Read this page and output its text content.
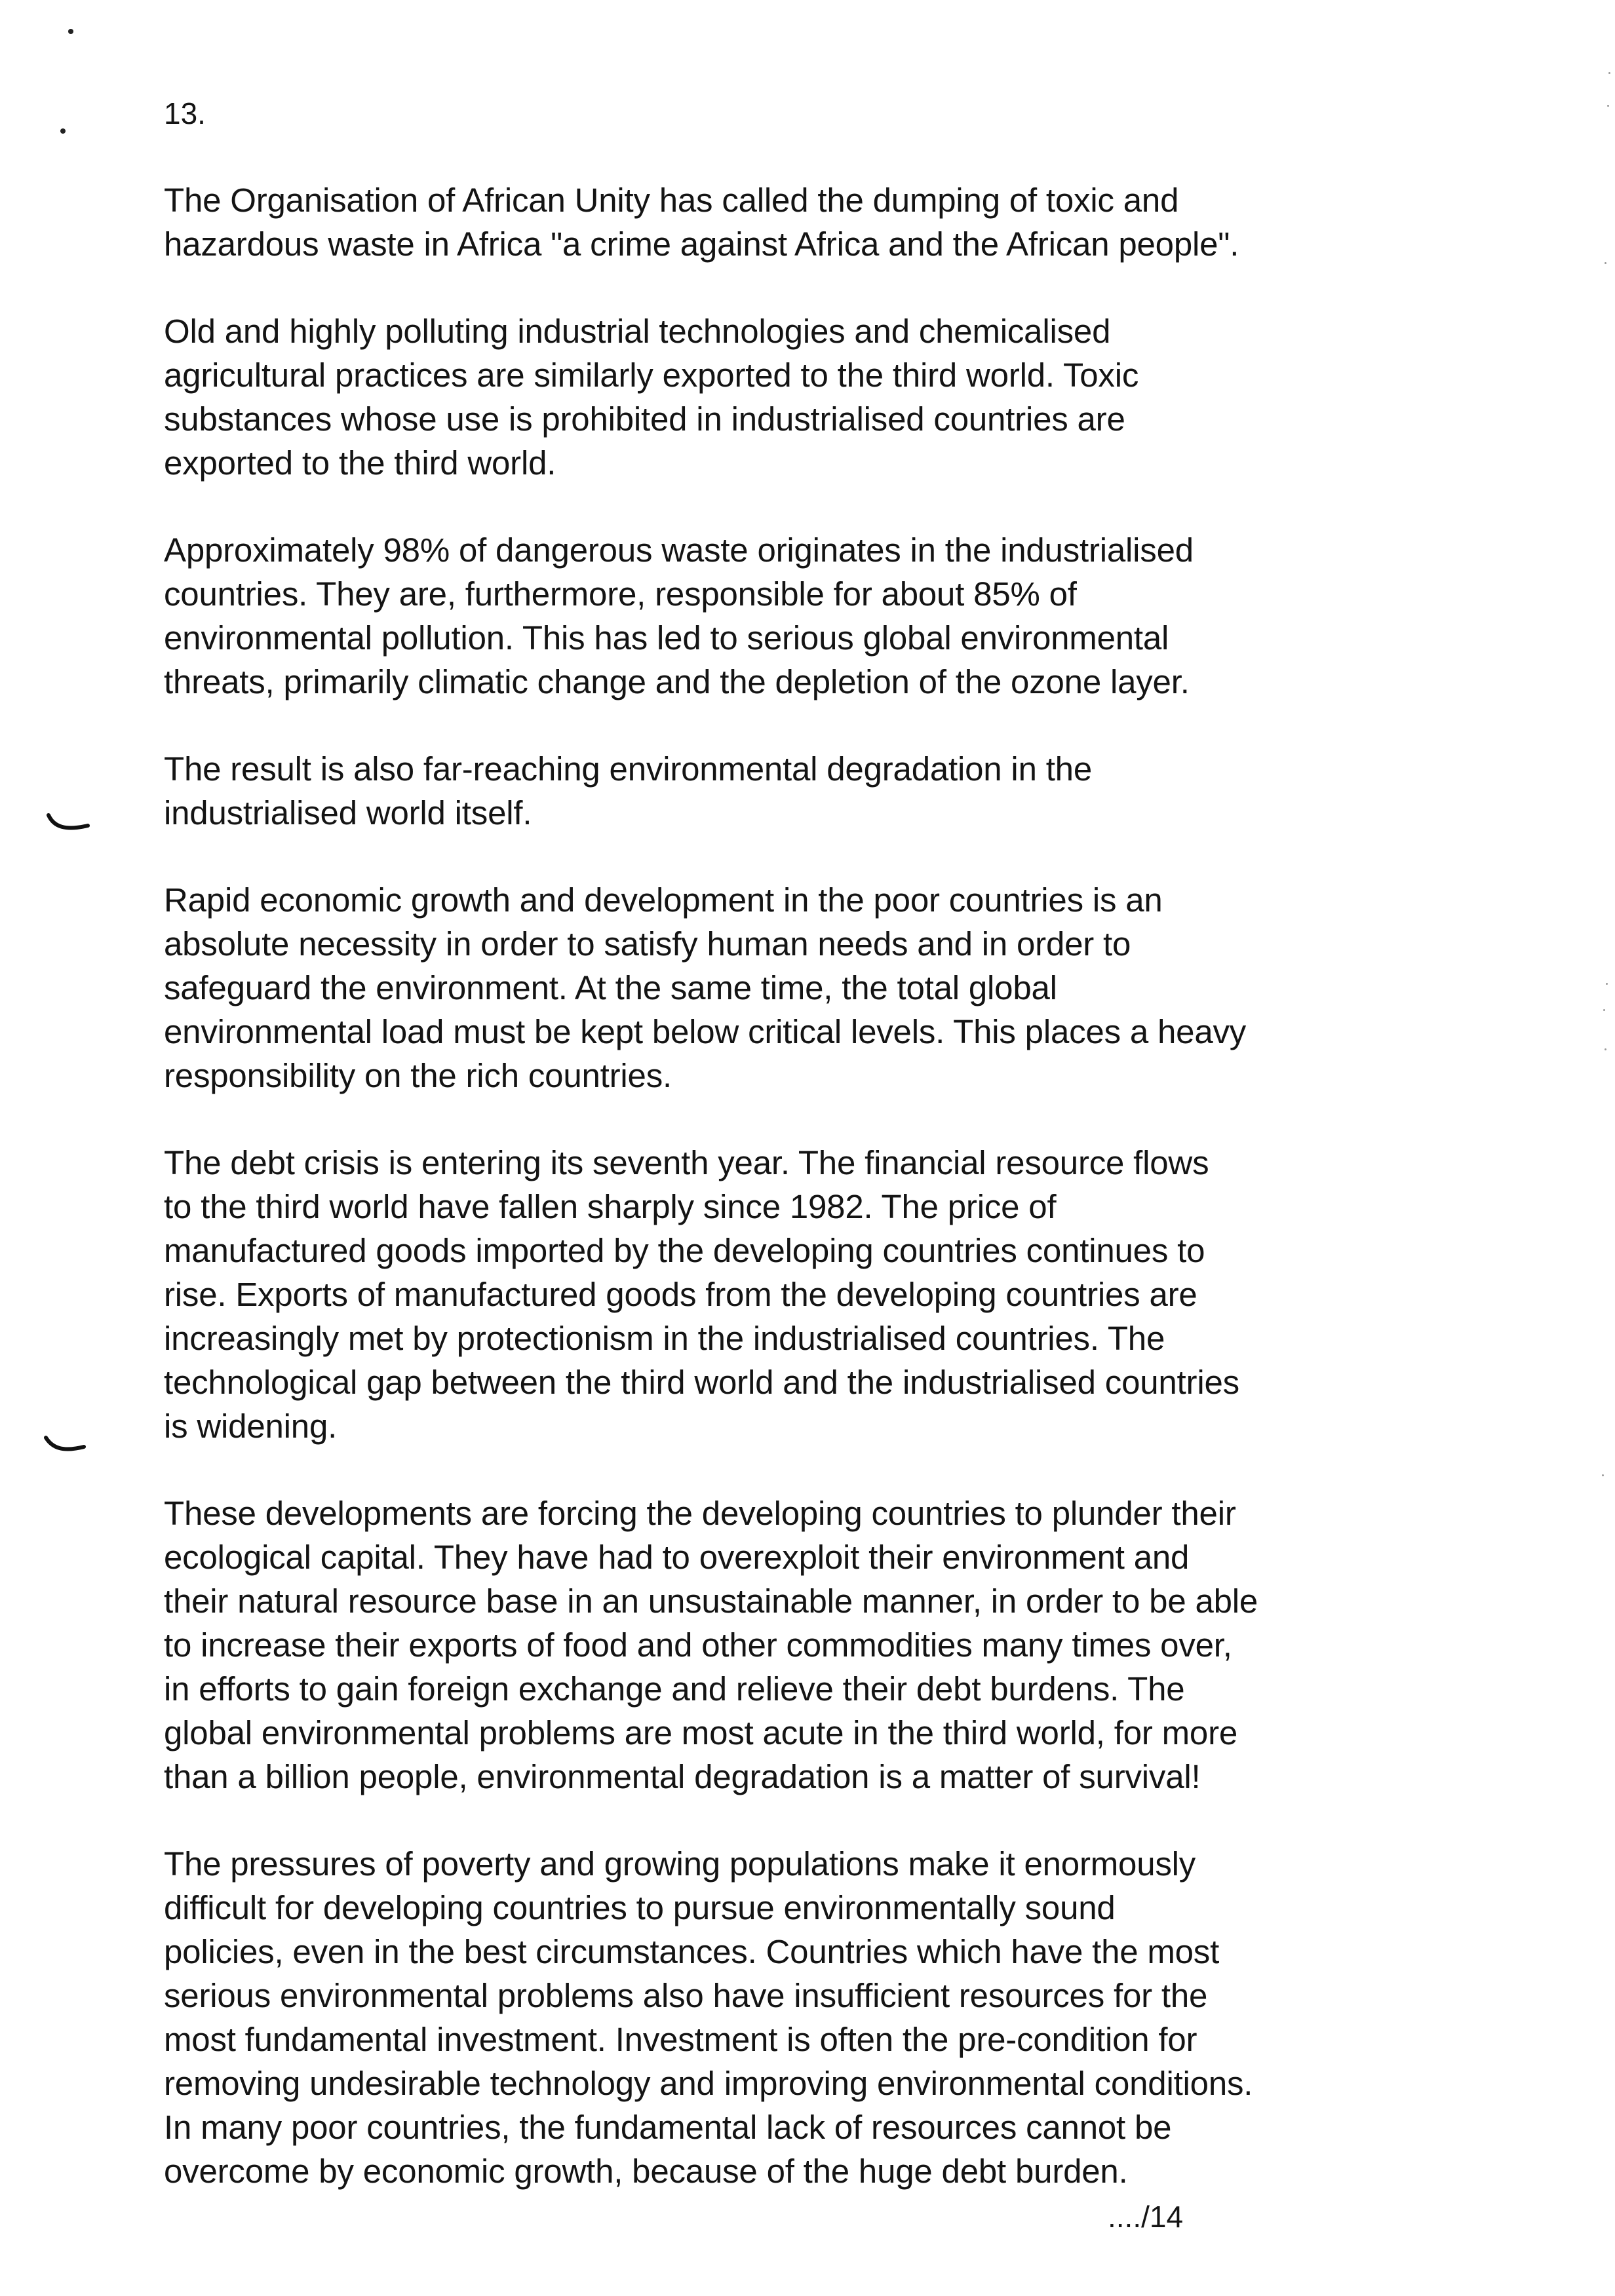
13.

The Organisation of African Unity has called the dumping of toxic and
hazardous waste in Africa "a crime against Africa and the African people".

Old and highly polluting industrial technologies and chemicalised
agricultural practices are similarly exported to the third world. Toxic
substances whose use is prohibited in industrialised countries are
exported to the third world.

Approximately 98% of dangerous waste originates in the industrialised
countries. They are, furthermore, responsible for about 85% of
environmental pollution. This has led to serious global environmental
threats, primarily climatic change and the depletion of the ozone layer.

The result is also far-reaching environmental degradation in the
industrialised world itself.

Rapid economic growth and development in the poor countries is an
absolute necessity in order to satisfy human needs and in order to
safeguard the environment. At the same time, the total global
environmental load must be kept below critical levels. This places a heavy
responsibility on the rich countries.

The debt crisis is entering its seventh year. The financial resource flows
to the third world have fallen sharply since 1982. The price of
manufactured goods imported by the developing countries continues to
rise. Exports of manufactured goods from the developing countries are
increasingly met by protectionism in the industrialised countries. The
technological gap between the third world and the industrialised countries
is widening.

These developments are forcing the developing countries to plunder their
ecological capital. They have had to overexploit their environment and
their natural resource base in an unsustainable manner, in order to be able
to increase their exports of food and other commodities many times over,
in efforts to gain foreign exchange and relieve their debt burdens. The
global environmental problems are most acute in the third world, for more
than a billion people, environmental degradation is a matter of survival!

The pressures of poverty and growing populations make it enormously
difficult for developing countries to pursue environmentally sound
policies, even in the best circumstances. Countries which have the most
serious environmental problems also have insufficient resources for the
most fundamental investment. Investment is often the pre-condition for
removing undesirable technology and improving environmental conditions.
In many poor countries, the fundamental lack of resources cannot be
overcome by economic growth, because of the huge debt burden.

..../14
